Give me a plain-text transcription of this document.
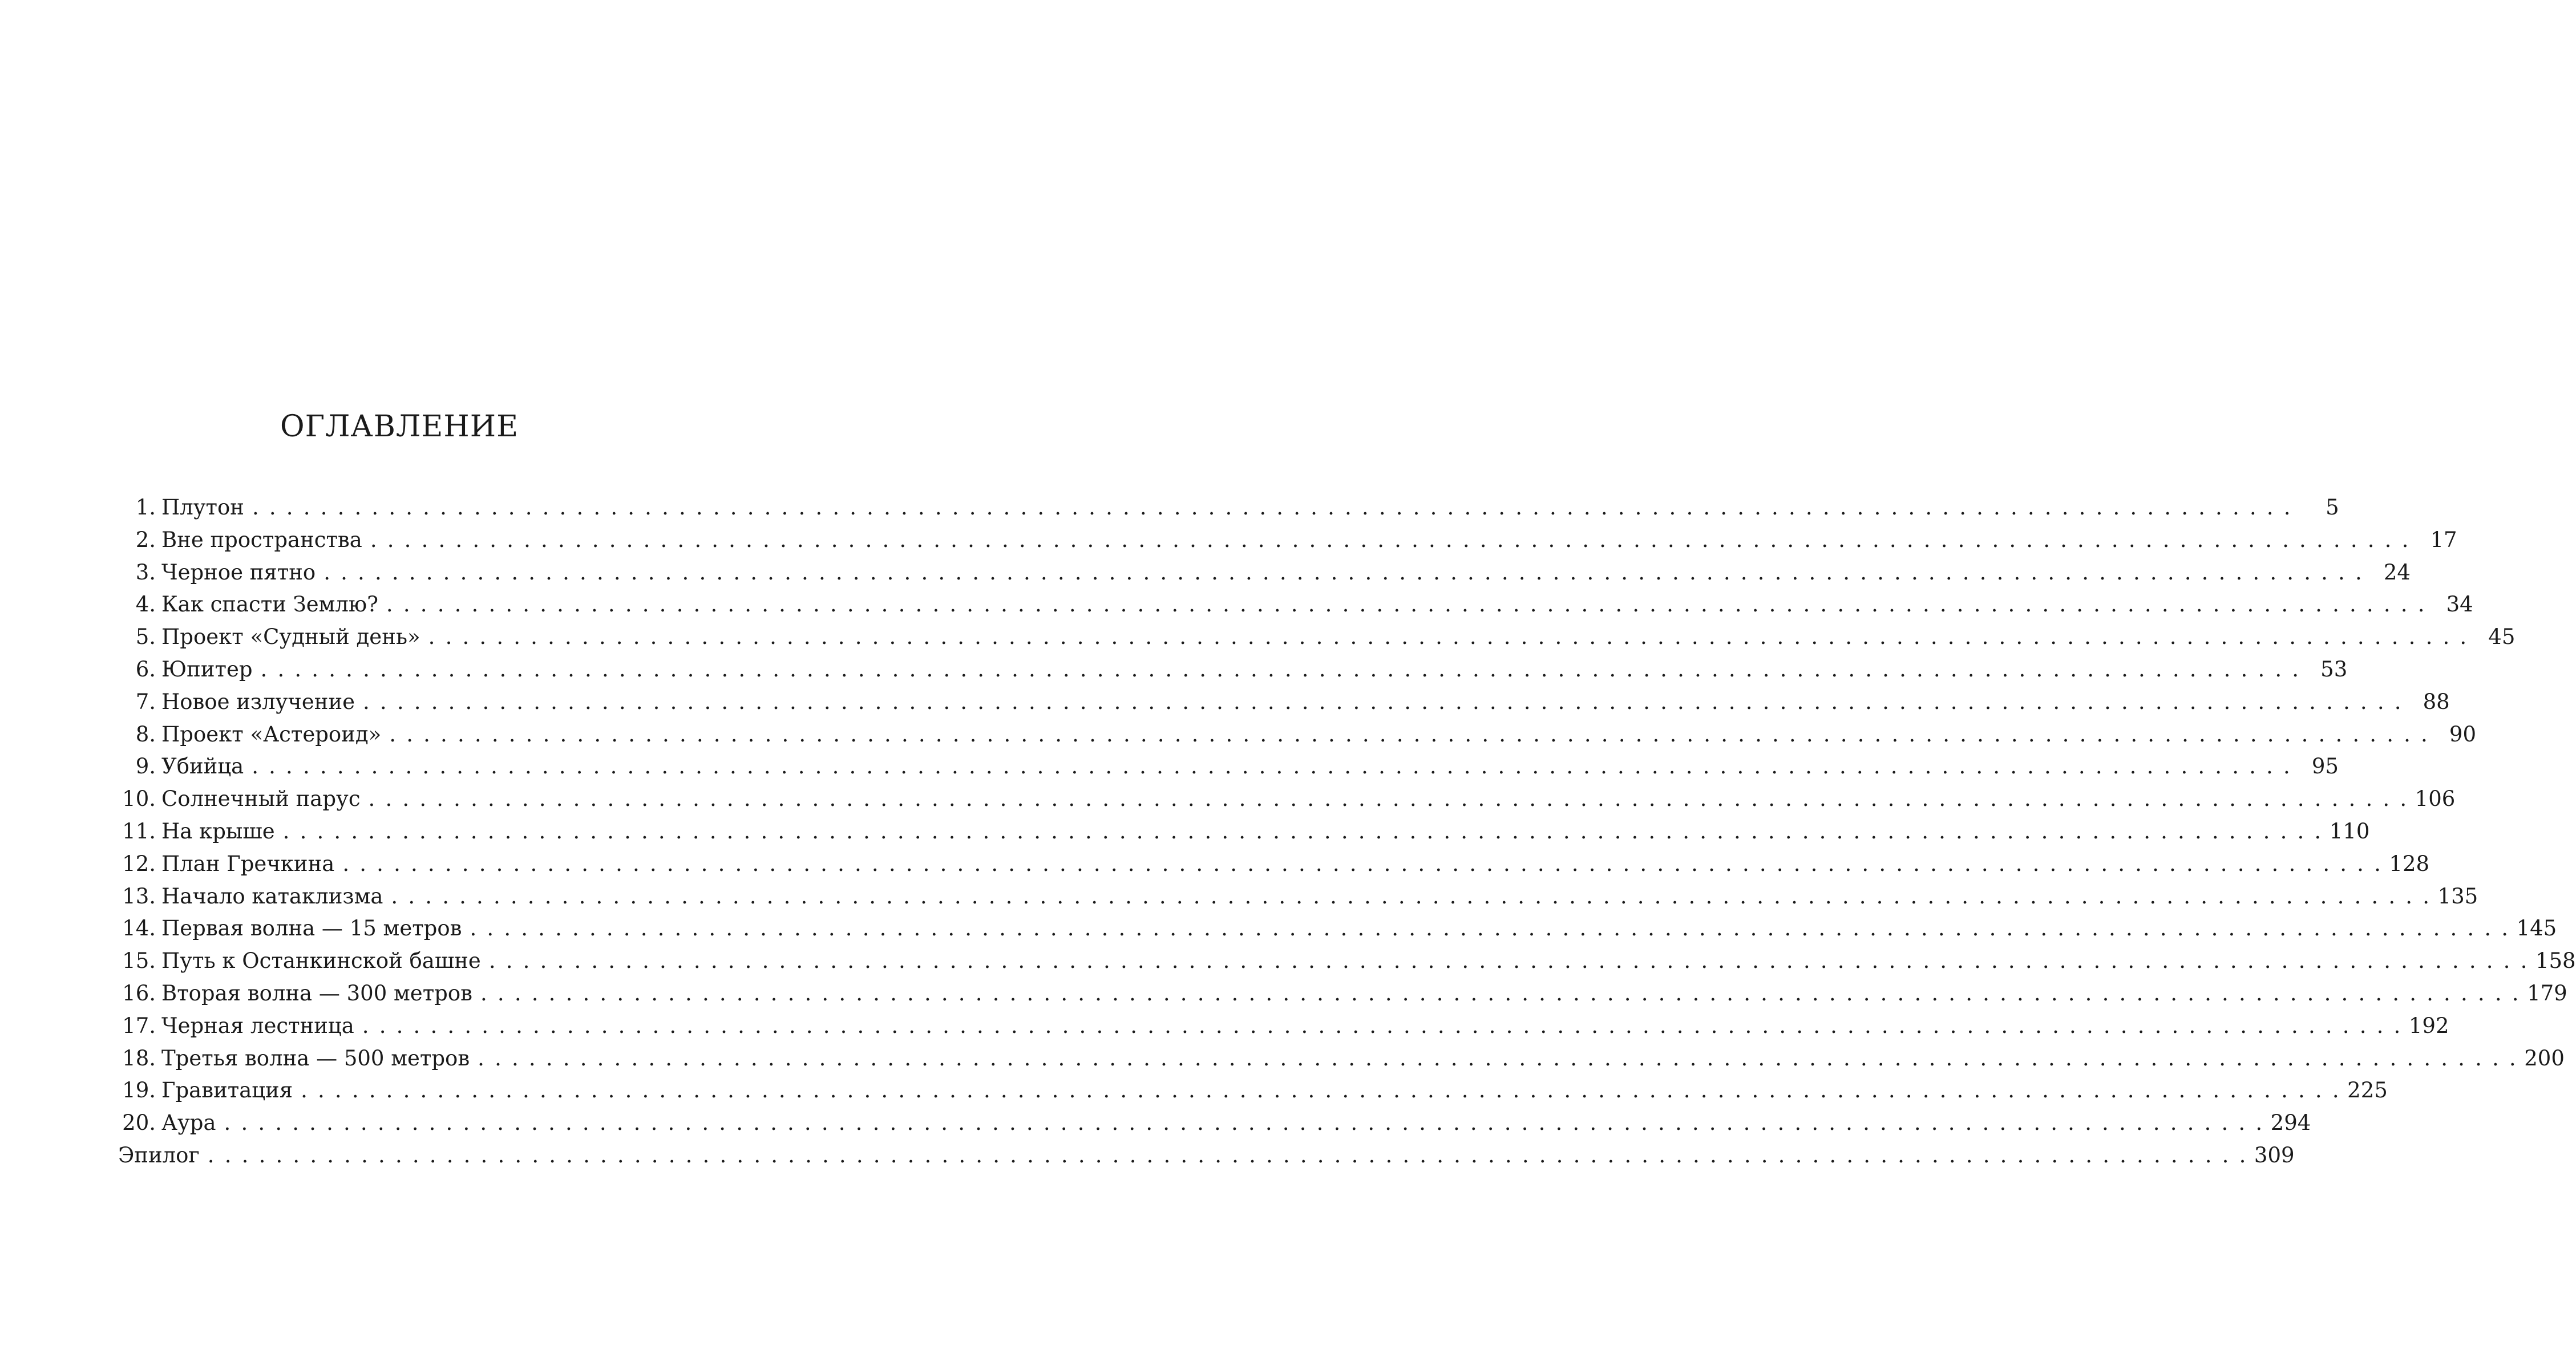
ОГЛАВЛЕНИЕ
1. Плутон . . . . . . . . . . . . . . . . . . . . . . . . . . . . . . . . . . . . . . . . . . . . . . . . . . . . . . . . . . . . . . . . . . . . . . . . . . . . . . . . . . . . . . . . . . . . . . . . . . . . . . . . . . . . . . . . . . . . . . . .	5
2. Вне пространства . . . . . . . . . . . . . . . . . . . . . . . . . . . . . . . . . . . . . . . . . . . . . . . . . . . . . . . . . . . . . . . . . . . . . . . . . . . . . . . . . . . . . . . . . . . . . . . . . . . . . . . . . . . . . . . . . . . . . . . . 17
3. Черное пятно . . . . . . . . . . . . . . . . . . . . . . . . . . . . . . . . . . . . . . . . . . . . . . . . . . . . . . . . . . . . . . . . . . . . . . . . . . . . . . . . . . . . . . . . . . . . . . . . . . . . . . . . . . . . . . . . . . . . . . . . 24
4. Как спасти Землю? . . . . . . . . . . . . . . . . . . . . . . . . . . . . . . . . . . . . . . . . . . . . . . . . . . . . . . . . . . . . . . . . . . . . . . . . . . . . . . . . . . . . . . . . . . . . . . . . . . . . . . . . . . . . . . . . . . . . . . . . 34
5. Проект «Судный день» . . . . . . . . . . . . . . . . . . . . . . . . . . . . . . . . . . . . . . . . . . . . . . . . . . . . . . . . . . . . . . . . . . . . . . . . . . . . . . . . . . . . . . . . . . . . . . . . . . . . . . . . . . . . . . . . . . . . . . . . 45
6. Юпитер . . . . . . . . . . . . . . . . . . . . . . . . . . . . . . . . . . . . . . . . . . . . . . . . . . . . . . . . . . . . . . . . . . . . . . . . . . . . . . . . . . . . . . . . . . . . . . . . . . . . . . . . . . . . . . . . . . . . . . . . 53
7. Новое излучение . . . . . . . . . . . . . . . . . . . . . . . . . . . . . . . . . . . . . . . . . . . . . . . . . . . . . . . . . . . . . . . . . . . . . . . . . . . . . . . . . . . . . . . . . . . . . . . . . . . . . . . . . . . . . . . . . . . . . . . . 88
8. Проект «Астероид» . . . . . . . . . . . . . . . . . . . . . . . . . . . . . . . . . . . . . . . . . . . . . . . . . . . . . . . . . . . . . . . . . . . . . . . . . . . . . . . . . . . . . . . . . . . . . . . . . . . . . . . . . . . . . . . . . . . . . . . . 90
9. Убийца . . . . . . . . . . . . . . . . . . . . . . . . . . . . . . . . . . . . . . . . . . . . . . . . . . . . . . . . . . . . . . . . . . . . . . . . . . . . . . . . . . . . . . . . . . . . . . . . . . . . . . . . . . . . . . . . . . . . . . . . 95
10. Солнечный парус . . . . . . . . . . . . . . . . . . . . . . . . . . . . . . . . . . . . . . . . . . . . . . . . . . . . . . . . . . . . . . . . . . . . . . . . . . . . . . . . . . . . . . . . . . . . . . . . . . . . . . . . . . . . . . . . . . . . . . . . 106
11. На крыше . . . . . . . . . . . . . . . . . . . . . . . . . . . . . . . . . . . . . . . . . . . . . . . . . . . . . . . . . . . . . . . . . . . . . . . . . . . . . . . . . . . . . . . . . . . . . . . . . . . . . . . . . . . . . . . . . . . . . . . . 110
12. План Гречкина . . . . . . . . . . . . . . . . . . . . . . . . . . . . . . . . . . . . . . . . . . . . . . . . . . . . . . . . . . . . . . . . . . . . . . . . . . . . . . . . . . . . . . . . . . . . . . . . . . . . . . . . . . . . . . . . . . . . . . . . 128
13. Начало катаклизма . . . . . . . . . . . . . . . . . . . . . . . . . . . . . . . . . . . . . . . . . . . . . . . . . . . . . . . . . . . . . . . . . . . . . . . . . . . . . . . . . . . . . . . . . . . . . . . . . . . . . . . . . . . . . . . . . . . . . . . . 135
14. Первая волна — 15 метров . . . . . . . . . . . . . . . . . . . . . . . . . . . . . . . . . . . . . . . . . . . . . . . . . . . . . . . . . . . . . . . . . . . . . . . . . . . . . . . . . . . . . . . . . . . . . . . . . . . . . . . . . . . . . . . . . . . . . . . . 145
15. Путь к Останкинской башне . . . . . . . . . . . . . . . . . . . . . . . . . . . . . . . . . . . . . . . . . . . . . . . . . . . . . . . . . . . . . . . . . . . . . . . . . . . . . . . . . . . . . . . . . . . . . . . . . . . . . . . . . . . . . . . . . . . . . . . . 158
16. Вторая волна — 300 метров . . . . . . . . . . . . . . . . . . . . . . . . . . . . . . . . . . . . . . . . . . . . . . . . . . . . . . . . . . . . . . . . . . . . . . . . . . . . . . . . . . . . . . . . . . . . . . . . . . . . . . . . . . . . . . . . . . . . . . . . 179
17. Черная лестница . . . . . . . . . . . . . . . . . . . . . . . . . . . . . . . . . . . . . . . . . . . . . . . . . . . . . . . . . . . . . . . . . . . . . . . . . . . . . . . . . . . . . . . . . . . . . . . . . . . . . . . . . . . . . . . . . . . . . . . . 192
18. Третья волна — 500 метров . . . . . . . . . . . . . . . . . . . . . . . . . . . . . . . . . . . . . . . . . . . . . . . . . . . . . . . . . . . . . . . . . . . . . . . . . . . . . . . . . . . . . . . . . . . . . . . . . . . . . . . . . . . . . . . . . . . . . . . . 200
19. Гравитация . . . . . . . . . . . . . . . . . . . . . . . . . . . . . . . . . . . . . . . . . . . . . . . . . . . . . . . . . . . . . . . . . . . . . . . . . . . . . . . . . . . . . . . . . . . . . . . . . . . . . . . . . . . . . . . . . . . . . . . . 225
20. Аура . . . . . . . . . . . . . . . . . . . . . . . . . . . . . . . . . . . . . . . . . . . . . . . . . . . . . . . . . . . . . . . . . . . . . . . . . . . . . . . . . . . . . . . . . . . . . . . . . . . . . . . . . . . . . . . . . . . . . . . . 294
Эпилог . . . . . . . . . . . . . . . . . . . . . . . . . . . . . . . . . . . . . . . . . . . . . . . . . . . . . . . . . . . . . . . . . . . . . . . . . . . . . . . . . . . . . . . . . . . . . . . . . . . . . . . . . . . . . . . . . . . . . . . . 309
